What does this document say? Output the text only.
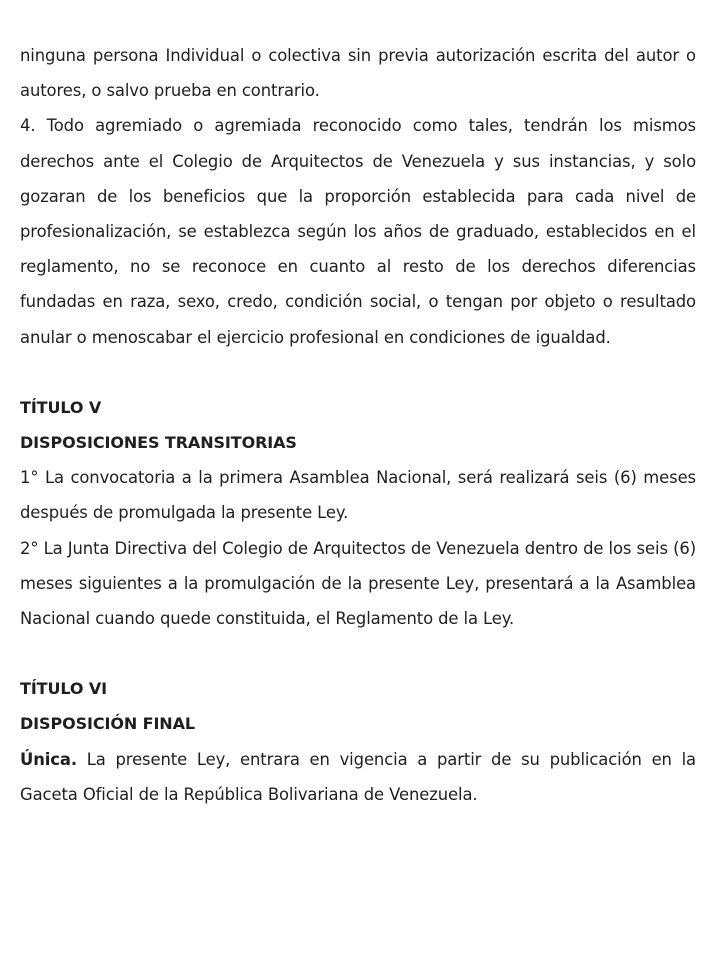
ninguna persona Individual o colectiva sin previa autorización escrita del autor o autores, o salvo prueba en contrario.

4. Todo agremiado o agremiada reconocido como tales, tendrán los mismos derechos ante el Colegio de Arquitectos de Venezuela y sus instancias, y solo gozaran de los beneficios que la proporción establecida para cada nivel de profesionalización, se establezca según los años de graduado, establecidos en el reglamento, no se reconoce en cuanto al resto de los derechos diferencias fundadas en raza, sexo, credo, condición social, o tengan por objeto o resultado anular o menoscabar el ejercicio profesional en condiciones de igualdad.

TÍTULO V

DISPOSICIONES TRANSITORIAS

1° La convocatoria a la primera Asamblea Nacional, será realizará seis (6) meses después de promulgada la presente Ley.

2° La Junta Directiva del Colegio de Arquitectos de Venezuela dentro de los seis (6) meses siguientes a la promulgación de la presente Ley, presentará a la Asamblea Nacional cuando quede constituida, el Reglamento de la Ley.

TÍTULO VI

DISPOSICIÓN FINAL

Única. La presente Ley, entrara en vigencia a partir de su publicación en la Gaceta Oficial de la República Bolivariana de Venezuela.
